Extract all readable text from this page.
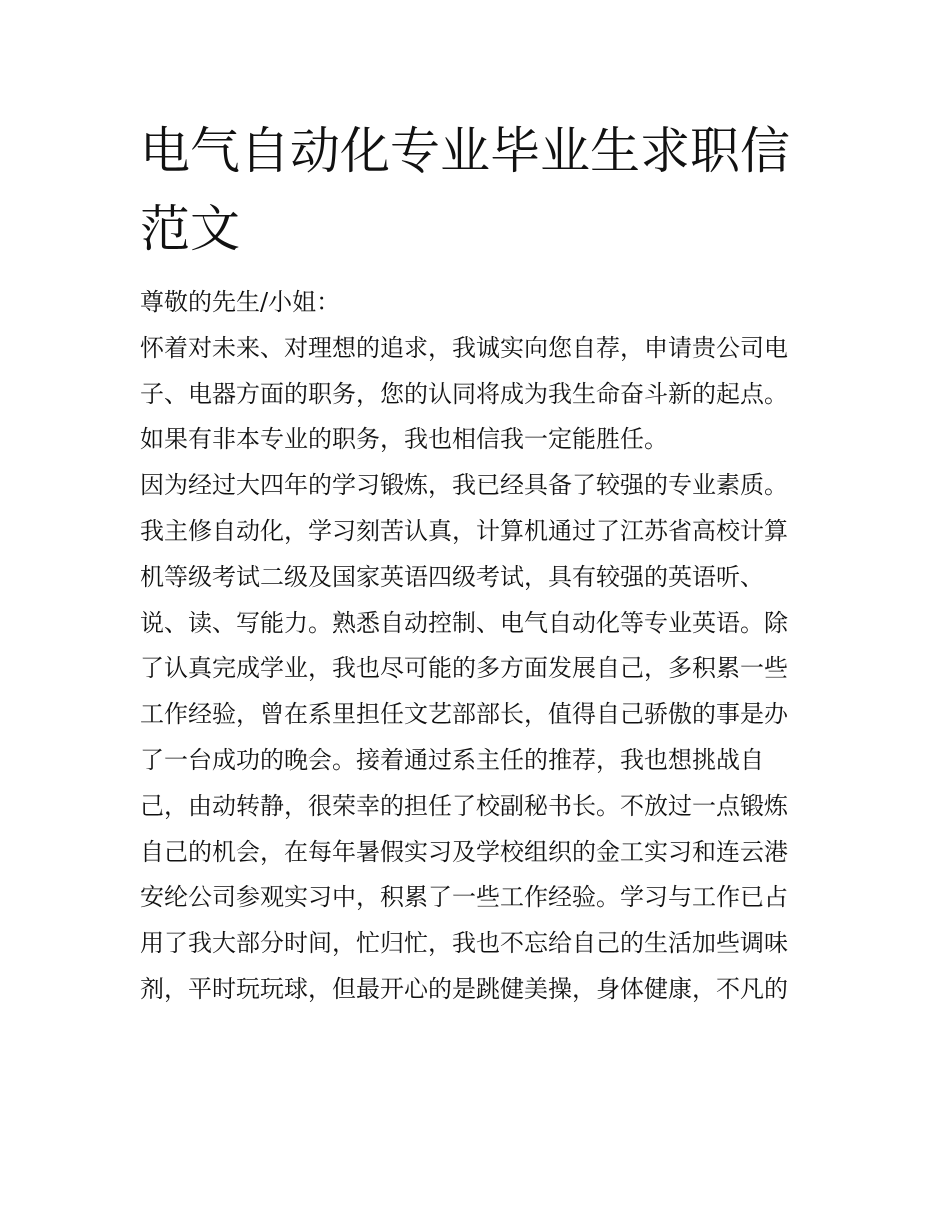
电气自动化专业毕业生求职信
范文
尊敬的先生/小姐：
怀着对未来、对理想的追求，我诚实向您自荐，申请贵公司电
子、电器方面的职务，您的认同将成为我生命奋斗新的起点。
如果有非本专业的职务，我也相信我一定能胜任。
因为经过大四年的学习锻炼，我已经具备了较强的专业素质。
我主修自动化，学习刻苦认真，计算机通过了江苏省高校计算
机等级考试二级及国家英语四级考试，具有较强的英语听、
说、读、写能力。熟悉自动控制、电气自动化等专业英语。除
了认真完成学业，我也尽可能的多方面发展自己，多积累一些
工作经验，曾在系里担任文艺部部长，值得自己骄傲的事是办
了一台成功的晚会。接着通过系主任的推荐，我也想挑战自
己，由动转静，很荣幸的担任了校副秘书长。不放过一点锻炼
自己的机会，在每年暑假实习及学校组织的金工实习和连云港
安纶公司参观实习中，积累了一些工作经验。学习与工作已占
用了我大部分时间，忙归忙，我也不忘给自己的生活加些调味
剂，平时玩玩球，但最开心的是跳健美操，身体健康，不凡的
